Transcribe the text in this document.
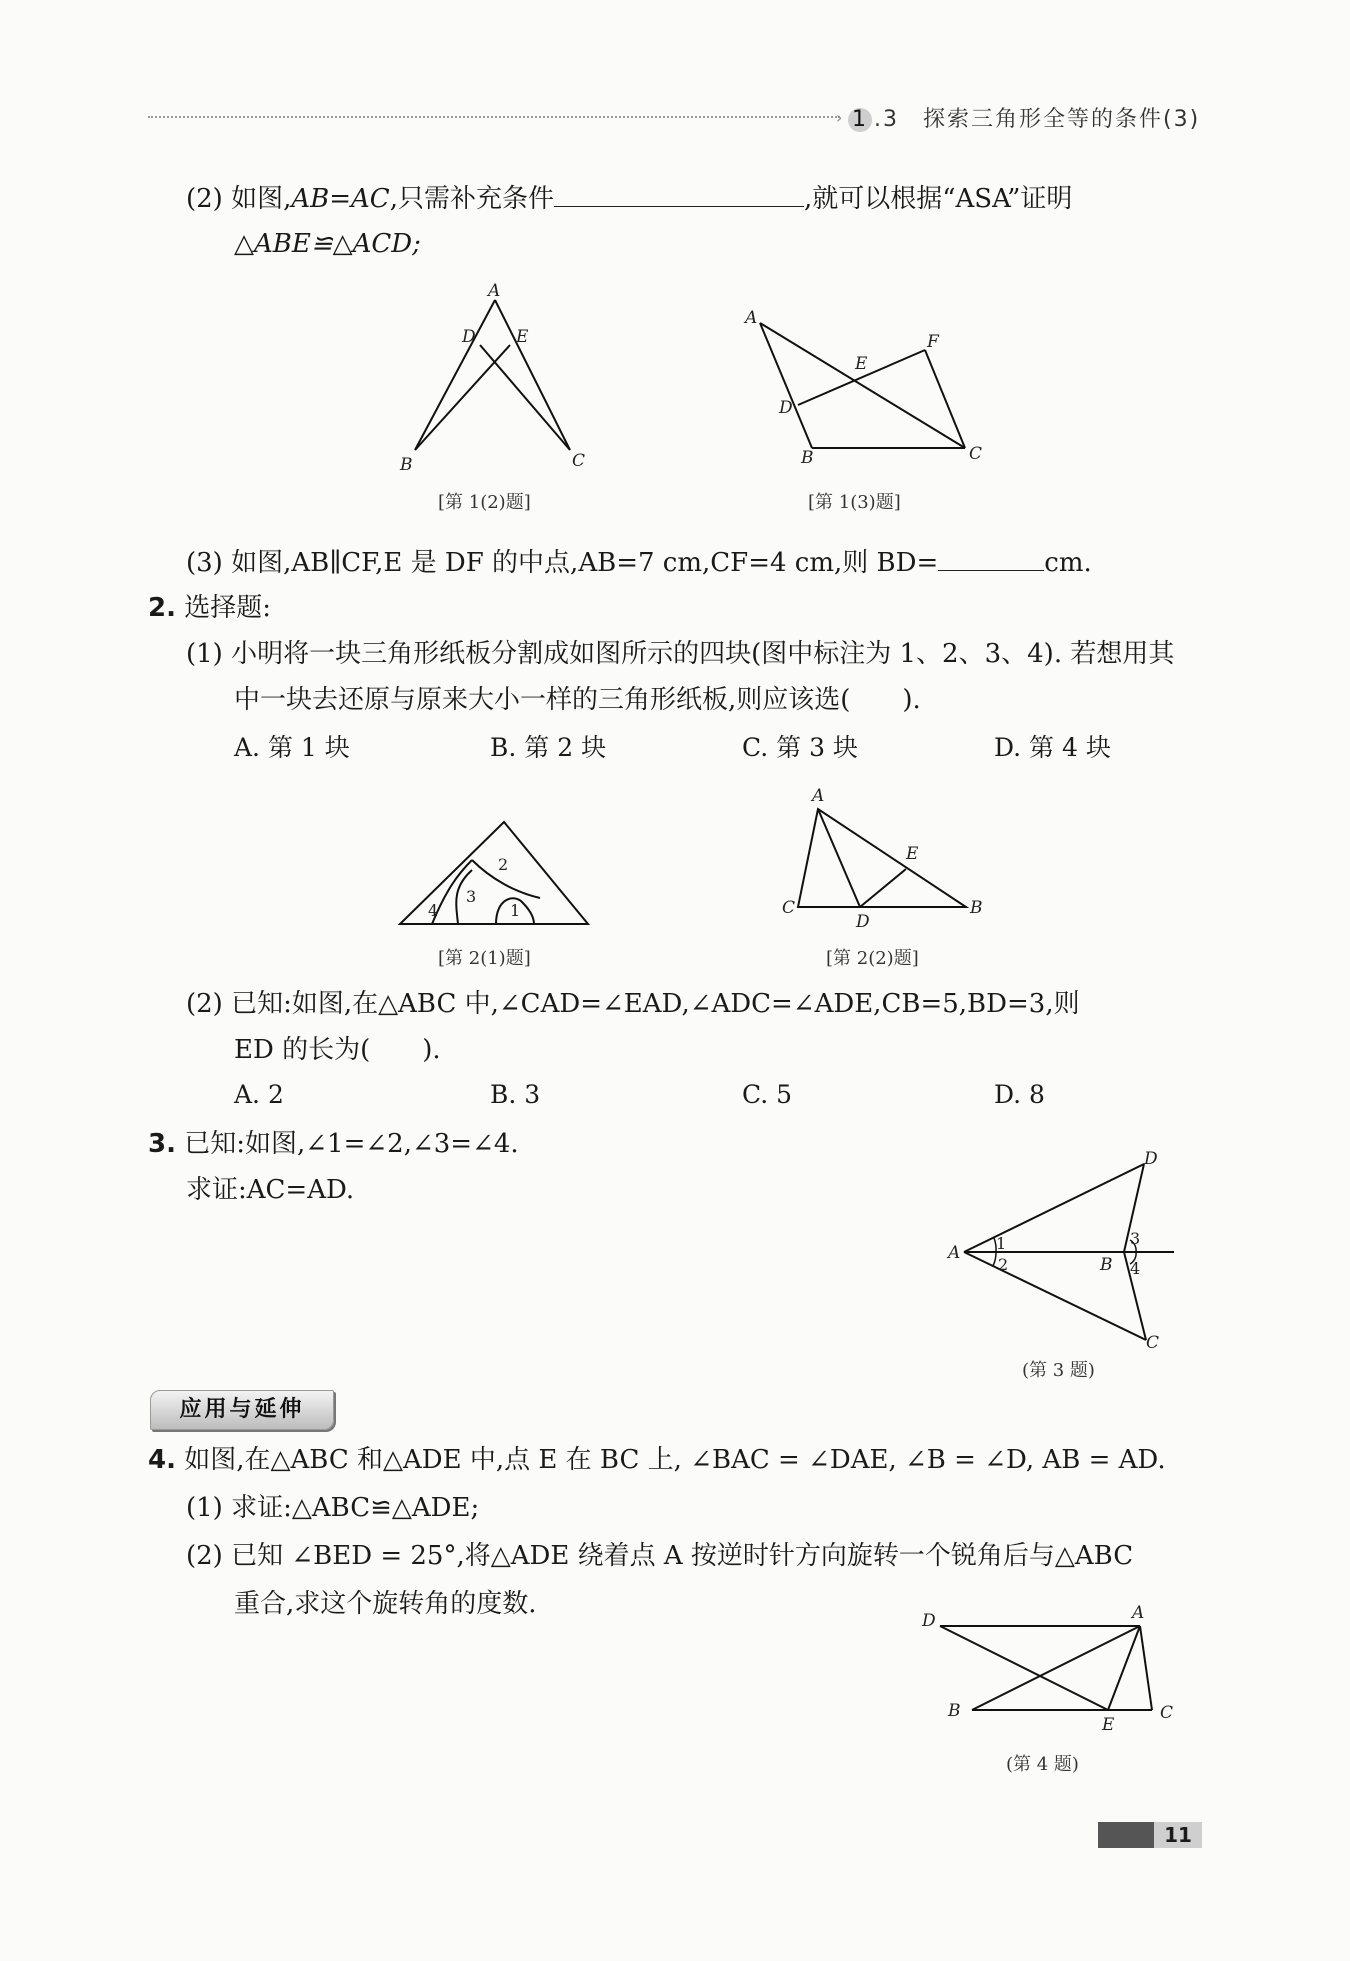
› 1 .3　探索三角形全等的条件(3)
(2) 如图,AB=AC,只需补充条件	,就可以根据“ASA”证明
△ABE≌△ACD;
A
D E
B	C
[第 1(2)题]
A
F
E
D
B	C
[第 1(3)题]
(3) 如图,AB∥CF,E 是 DF 的中点,AB=7 cm,CF=4 cm,则 BD=	cm.
2. 选择题:
(1) 小明将一块三角形纸板分割成如图所示的四块(图中标注为 1、2、3、4). 若想用其
中一块去还原与原来大小一样的三角形纸板,则应该选(　　).
A. 第 1 块	B. 第 2 块	C. 第 3 块	D. 第 4 块
2
3
4	1
[第 2(1)题]
A
E
C
D
B
[第 2(2)题]
(2) 已知:如图,在△ABC 中,∠CAD=∠EAD,∠ADC=∠ADE,CB=5,BD=3,则
ED 的长为(　　).
A. 2	B. 3	C. 5	D. 8
3. 已知:如图,∠1=∠2,∠3=∠4.
求证:AC=AD.
D
A 1
2
3
B 4
C
(第 3 题)
应用与延伸
4. 如图,在△ABC 和△ADE 中,点 E 在 BC 上, ∠BAC = ∠DAE, ∠B = ∠D, AB = AD.
(1) 求证:△ABC≌△ADE;
(2) 已知 ∠BED = 25°,将△ADE 绕着点 A 按逆时针方向旋转一个锐角后与△ABC
重合,求这个旋转角的度数.
D	A
B
E
C
(第 4 题)
11
